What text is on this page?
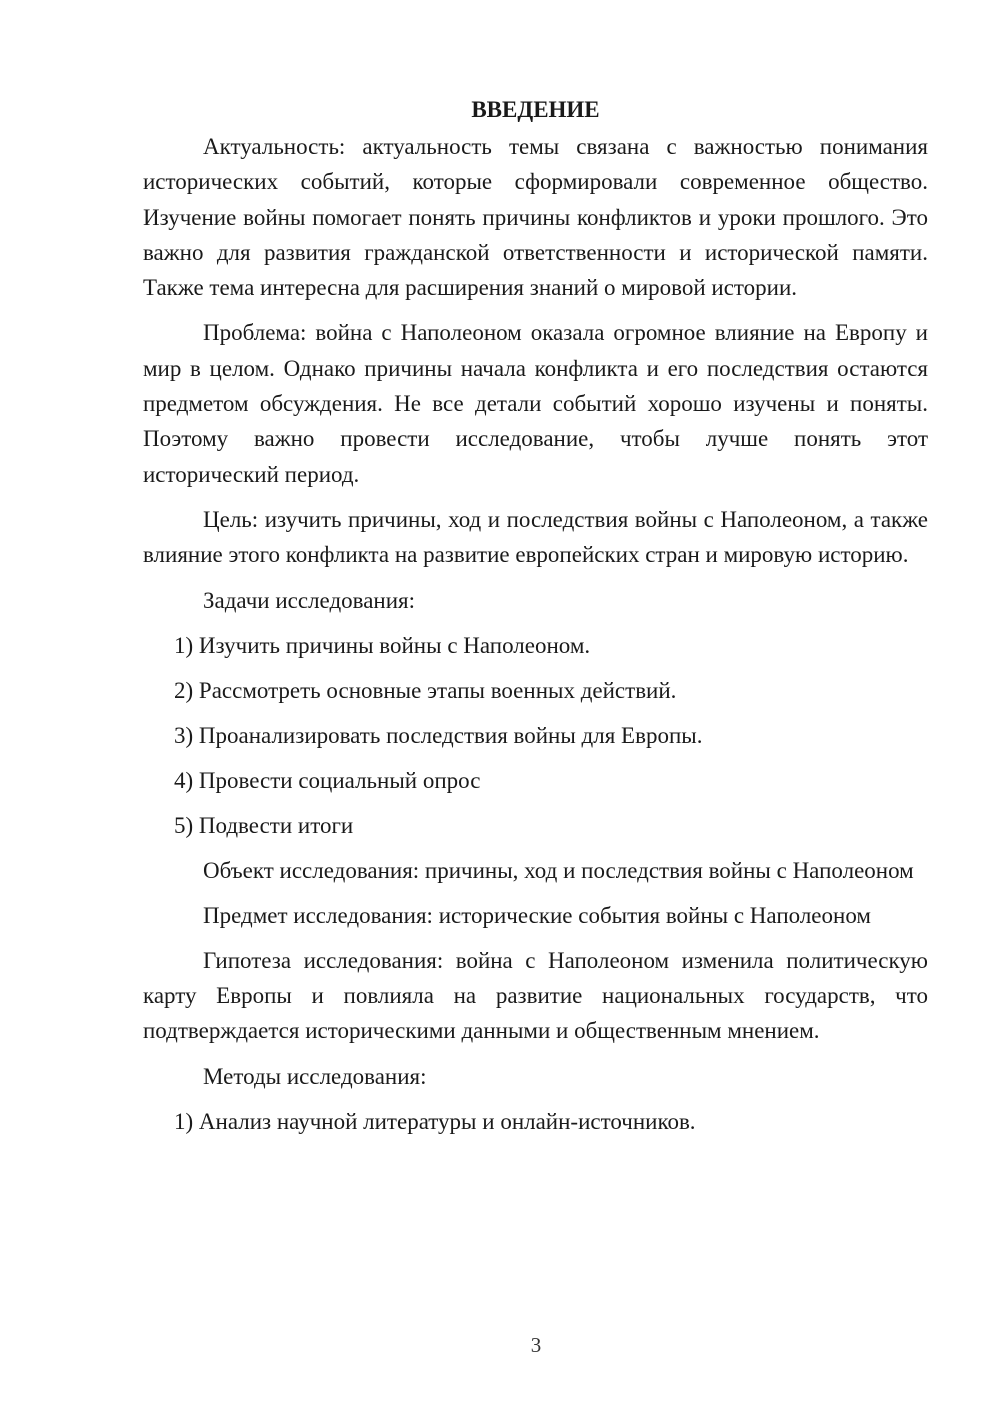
ВВЕДЕНИЕ

Актуальность: актуальность темы связана с важностью понимания исторических событий, которые сформировали современное общество. Изучение войны помогает понять причины конфликтов и уроки прошлого. Это важно для развития гражданской ответственности и исторической памяти. Также тема интересна для расширения знаний о мировой истории.

Проблема: война с Наполеоном оказала огромное влияние на Европу и мир в целом. Однако причины начала конфликта и его последствия остаются предметом обсуждения. Не все детали событий хорошо изучены и поняты. Поэтому важно провести исследование, чтобы лучше понять этот исторический период.

Цель: изучить причины, ход и последствия войны с Наполеоном, а также влияние этого конфликта на развитие европейских стран и мировую историю.

Задачи исследования:

1) Изучить причины войны с Наполеоном.

2) Рассмотреть основные этапы военных действий.

3) Проанализировать последствия войны для Европы.

4) Провести социальный опрос

5) Подвести итоги

Объект исследования: причины, ход и последствия войны с Наполеоном

Предмет исследования: исторические события войны с Наполеоном

Гипотеза исследования: война с Наполеоном изменила политическую карту Европы и повлияла на развитие национальных государств, что подтверждается историческими данными и общественным мнением.

Методы исследования:

1) Анализ научной литературы и онлайн-источников.

3
